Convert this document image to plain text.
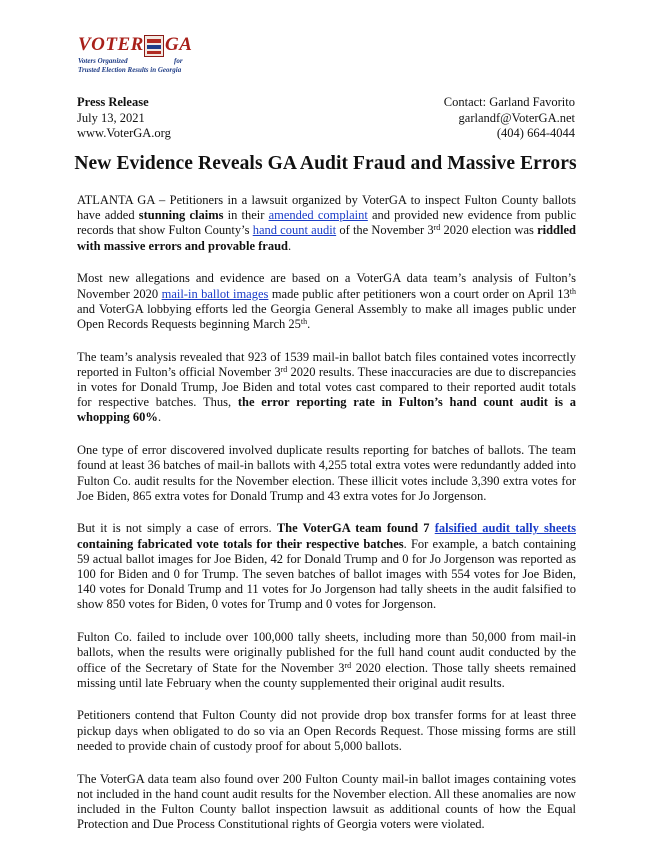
VOTER GA
Voters Organized	for
Trusted Election Results in Georgia
Press Release
July 13, 2021
www.VoterGA.org
Contact: Garland Favorito
garlandf@VoterGA.net
(404) 664-4044
New Evidence Reveals GA Audit Fraud and Massive Errors

ATLANTA GA – Petitioners in a lawsuit organized by VoterGA to inspect Fulton County ballots have added stunning claims in their amended complaint and provided new evidence from public records that show Fulton County’s hand count audit of the November 3rd 2020 election was riddled with massive errors and provable fraud.

Most new allegations and evidence are based on a VoterGA data team’s analysis of Fulton’s November 2020 mail-in ballot images made public after petitioners won a court order on April 13th and VoterGA lobbying efforts led the Georgia General Assembly to make all images public under Open Records Requests beginning March 25th.

The team’s analysis revealed that 923 of 1539 mail-in ballot batch files contained votes incorrectly reported in Fulton’s official November 3rd 2020 results. These inaccuracies are due to discrepancies in votes for Donald Trump, Joe Biden and total votes cast compared to their reported audit totals for respective batches. Thus, the error reporting rate in Fulton’s hand count audit is a whopping 60%.

One type of error discovered involved duplicate results reporting for batches of ballots. The team found at least 36 batches of mail-in ballots with 4,255 total extra votes were redundantly added into Fulton Co. audit results for the November election. These illicit votes include 3,390 extra votes for Joe Biden, 865 extra votes for Donald Trump and 43 extra votes for Jo Jorgenson.

But it is not simply a case of errors. The VoterGA team found 7 falsified audit tally sheets containing fabricated vote totals for their respective batches. For example, a batch containing 59 actual ballot images for Joe Biden, 42 for Donald Trump and 0 for Jo Jorgenson was reported as 100 for Biden and 0 for Trump. The seven batches of ballot images with 554 votes for Joe Biden, 140 votes for Donald Trump and 11 votes for Jo Jorgenson had tally sheets in the audit falsified to show 850 votes for Biden, 0 votes for Trump and 0 votes for Jorgenson.

Fulton Co. failed to include over 100,000 tally sheets, including more than 50,000 from mail-in ballots, when the results were originally published for the full hand count audit conducted by the office of the Secretary of State for the November 3rd 2020 election. Those tally sheets remained missing until late February when the county supplemented their original audit results.

Petitioners contend that Fulton County did not provide drop box transfer forms for at least three pickup days when obligated to do so via an Open Records Request. Those missing forms are still needed to provide chain of custody proof for about 5,000 ballots.

The VoterGA data team also found over 200 Fulton County mail-in ballot images containing votes not included in the hand count audit results for the November election. All these anomalies are now included in the Fulton County ballot inspection lawsuit as additional counts of how the Equal Protection and Due Process Constitutional rights of Georgia voters were violated.
